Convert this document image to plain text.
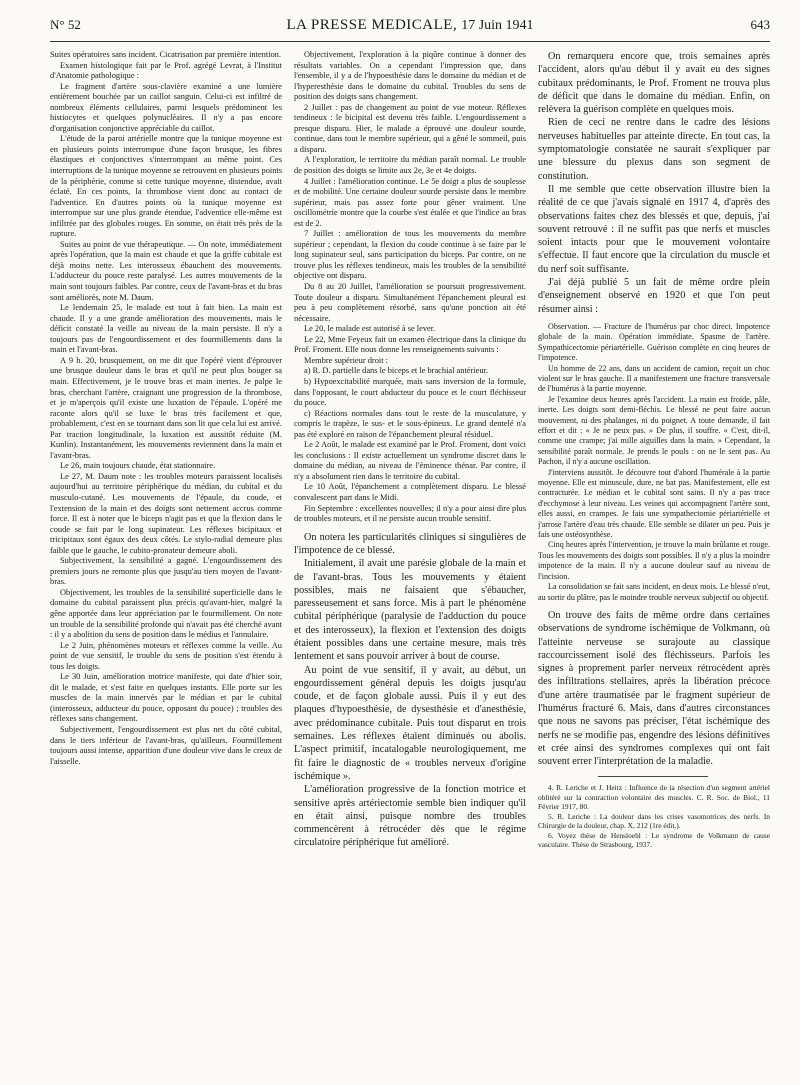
N° 52	LA PRESSE MEDICALE, 17 Juin 1941	643

Suites opératoires sans incident. Cicatrisation par première intention.

Examen histologique fait par le Prof. agrégé Levrat, à l'Institut d'Anatomie pathologique :

Le fragment d'artère sous-clavière examiné a une lumière entièrement bouchée par un caillot sanguin. Celui-ci est infiltré de nombreux éléments cellulaires, parmi lesquels prédominent les histiocytes et quelques polynucléaires. Il n'y a pas encore d'organisation conjonctive appréciable du caillot.

L'étude de la paroi artérielle montre que la tunique moyenne est en plusieurs points interrompue d'une façon brusque, les fibres élastiques et conjonctives s'interrompant au même point. Ces interruptions de la tunique moyenne se retrouvent en plusieurs points de la périphérie, comme si cette tunique moyenne, distendue, avait éclaté. En ces points, la thrombose vient donc au contact de l'adventice. En d'autres points où la tunique moyenne est interrompue sur une plus grande étendue, l'adventice elle-même est infiltrée par des globules rouges. En somme, on était très près de la rupture.

Suites au point de vue thérapeutique. — On note, immédiatement après l'opération, que la main est chaude et que la griffe cubitale est déjà moins nette. Les interosseux ébauchent des mouvements. L'adducteur du pouce reste paralysé. Les autres mouvements de la main sont toujours faibles. Par contre, ceux de l'avant-bras et du bras sont améliorés, note M. Daum.

Le lendemain 25, le malade est tout à fait bien. La main est chaude. Il y a une grande amélioration des mouvements, mais le déficit constaté la veille au niveau de la main persiste. Il n'y a toujours pas de l'engourdissement et des fourmillements dans la main et l'avant-bras.

A 9 h. 20, brusquement, on me dit que l'opéré vient d'éprouver une brusque douleur dans le bras et qu'il ne peut plus bouger sa main. Effectivement, je le trouve bras et main inertes. Je palpe le bras, cherchant l'artère, craignant une progression de la thrombose, et je m'aperçois qu'il existe une luxation de l'épaule. L'opéré me raconte alors qu'il se luxe le bras très facilement et que, probablement, c'est en se tournant dans son lit que cela lui est arrivé. Par traction longitudinale, la luxation est aussitôt réduite (M. Kunlin). Instantanément, les mouvements reviennent dans la main et l'avant-bras.

Le 26, main toujours chaude, état stationnaire.

Le 27, M. Daum note : les troubles moteurs paraissent localisés aujourd'hui au territoire périphérique du médian, du cubital et du musculo-cutané. Les mouvements de l'épaule, du coude, et l'extension de la main et des doigts sont nettement accrus comme force. Il est à noter que le biceps n'agit pas et que la flexion dans le coude se fait par le long supinateur. Les réflexes bicipitaux et tricipitaux sont égaux des deux côtés. Le stylo-radial demeure plus faible que le gauche, le cubito-pronateur demeure aboli.

Subjectivement, la sensibilité a gagné. L'engourdissement des premiers jours ne remonte plus que jusqu'au tiers moyen de l'avant-bras.

Objectivement, les troubles de la sensibilité superficielle dans le domaine du cubital paraissent plus précis qu'avant-hier, malgré la gêne apportée dans leur appréciation par le fourmillement. On note un trouble de la sensibilité profonde qui n'avait pas été cherché avant : il y a abolition du sens de position dans le médius et l'annulaire.

Le 2 Juin, phénomènes moteurs et réflexes comme la veille. Au point de vue sensitif, le trouble du sens de position s'est étendu à tous les doigts.

Le 30 Juin, amélioration motrice manifeste, qui date d'hier soir, dit le malade, et s'est faite en quelques instants. Elle porte sur les muscles de la main innervés par le médian et par le cubital (interosseux, adducteur du pouce, opposant du pouce) ; troubles des réflexes sans changement.

Subjectivement, l'engourdissement est plus net du côté cubital, dans le tiers inférieur de l'avant-bras, qu'ailleurs. Fourmillement toujours aussi intense, apparition d'une douleur vive dans le creux de l'aisselle.

Objectivement, l'exploration à la piqûre continue à donner des résultats variables. On a cependant l'impression que, dans l'ensemble, il y a de l'hypoesthésie dans le domaine du médian et de l'hyperesthésie dans le domaine du cubital. Troubles du sens de position des doigts sans changement.

2 Juillet : pas de changement au point de vue moteur. Réflexes tendineux : le bicipital est devenu très faible. L'engourdissement a presque disparu. Hier, le malade a éprouvé une douleur sourde, continue, dans tout le membre supérieur, qui a gêné le sommeil, puis a disparu.

A l'exploration, le territoire du médian paraît normal. Le trouble de position des doigts se limite aux 2e, 3e et 4e doigts.

4 Juillet : l'amélioration continue. Le 5e doigt a plus de souplesse et de mobilité. Une certaine douleur sourde persiste dans le membre supérieur, mais pas assez forte pour gêner vraiment. Une oscillométrie montre que la courbe s'est étalée et que l'indice au bras est de 2.

7 Juillet : amélioration de tous les mouvements du membre supérieur ; cependant, la flexion du coude continue à se faire par le long supinateur seul, sans participation du biceps. Par contre, on ne trouve plus les réflexes tendineux, mais les troubles de la sensibilité objective ont disparu.

Du 8 au 20 Juillet, l'amélioration se poursuit progressivement. Toute douleur a disparu. Simultanément l'épanchement pleural est peu à peu complètement résorbé, sans qu'une ponction ait été nécessaire.

Le 20, le malade est autorisé à se lever.

Le 22, Mme Feyeux fait un examen électrique dans la clinique du Prof. Froment. Elle nous donne les renseignements suivants :

Membre supérieur droit :

a) R. D. partielle dans le biceps et le brachial antérieur.

b) Hypoexcitabilité marquée, mais sans inversion de la formule, dans l'opposant, le court abducteur du pouce et le court fléchisseur du pouce.

c) Réactions normales dans tout le reste de la musculature, y compris le trapèze, le sus- et le sous-épineux. Le grand dentelé n'a pas été exploré en raison de l'épanchement pleural résiduel.

Le 2 Août, le malade est examiné par le Prof. Froment, dont voici les conclusions : Il existe actuellement un syndrome discret dans le domaine du médian, au niveau de l'éminence thénar. Par contre, il n'y a absolument rien dans le territoire du cubital.

Le 10 Août, l'épanchement a complètement disparu. Le blessé convalescent part dans le Midi.

Fin Septembre : excellentes nouvelles; il n'y a pour ainsi dire plus de troubles moteurs, et il ne persiste aucun trouble sensitif.

On notera les particularités cliniques si singulières de l'impotence de ce blessé.

Initialement, il avait une parésie globale de la main et de l'avant-bras. Tous les mouvements y étaient possibles, mais ne faisaient que s'ébaucher, paresseusement et sans force. Mis à part le phénomène cubital périphérique (paralysie de l'adduction du pouce et des interosseux), la flexion et l'extension des doigts étaient possibles dans une certaine mesure, mais très lentement et sans pouvoir arriver à bout de course.

Au point de vue sensitif, il y avait, au début, un engourdissement général depuis les doigts jusqu'au coude, et de façon globale aussi. Puis il y eut des plaques d'hypoesthésie, de dysesthésie et d'anesthésie, avec prédominance cubitale. Puis tout disparut en trois semaines. Les réflexes étaient diminués ou abolis. L'aspect primitif, incatalogable neurologiquement, me fit faire le diagnostic de « troubles nerveux d'origine ischémique ».

L'amélioration progressive de la fonction motrice et sensitive après artériectomie semble bien indiquer qu'il en était ainsi, puisque nombre des troubles commencèrent à rétrocéder dès que le régime circulatoire périphérique fut amélioré.

On remarquera encore que, trois semaines après l'accident, alors qu'au début il y avait eu des signes cubitaux prédominants, le Prof. Froment ne trouva plus de déficit que dans le domaine du médian. Enfin, on relèvera la guérison complète en quelques mois.

Rien de ceci ne rentre dans le cadre des lésions nerveuses habituelles par atteinte directe. En tout cas, la symptomatologie constatée ne saurait s'expliquer par une blessure du plexus dans son segment de constitution.

Il me semble que cette observation illustre bien la réalité de ce que j'avais signalé en 1917 4, d'après des observations faites chez des blessés et que, depuis, j'ai souvent retrouvé : il ne suffit pas que nerfs et muscles soient intacts pour que le mouvement volontaire s'effectue. Il faut encore que la circulation du muscle et du nerf soit suffisante.

J'ai déjà publié 5 un fait de même ordre plein d'enseignement observé en 1920 et que l'on peut résumer ainsi :

Observation. — Fracture de l'humérus par choc direct. Impotence globale de la main. Opération immédiate. Spasme de l'artère. Sympathicectomie périartérielle. Guérison complète en cinq heures de l'impotence.

Un homme de 22 ans, dans un accident de camion, reçoit un choc violent sur le bras gauche. Il a manifestement une fracture transversale de l'humérus à la partie moyenne.

Je l'examine deux heures après l'accident. La main est froide, pâle, inerte. Les doigts sont demi-fléchis. Le blessé ne peut faire aucun mouvement, ni des phalanges, ni du poignet. A toute demande, il fait effort et dit : « Je ne peux pas. » De plus, il souffre. « C'est, dit-il, comme une crampe; j'ai mille aiguilles dans la main. » Cependant, la sensibilité paraît normale. Je prends le pouls : on ne le sent pas. Au Pachon, il n'y a aucune oscillation.

J'interviens aussitôt. Je découvre tout d'abord l'humérale à la partie moyenne. Elle est minuscule, dure, ne bat pas. Manifestement, elle est contracturée. Le médian et le cubital sont sains. Il n'y a pas trace d'ecchymose à leur niveau. Les veines qui accompagnent l'artère sont, elles aussi, en crampes. Je fais une sympathectomie périartérielle et j'arrose l'artère d'eau très chaude. Elle semble se dilater un peu. Puis je fais une ostéosynthèse.

Cinq heures après l'intervention, je trouve la main brûlante et rouge. Tous les mouvements des doigts sont possibles. Il n'y a plus la moindre impotence de la main. Il n'y a aucune douleur sauf au niveau de l'incision.

La consolidation se fait sans incident, en deux mois. Le blessé n'eut, au sortir du plâtre, pas le moindre trouble nerveux subjectif ou objectif.

On trouve des faits de même ordre dans certaines observations de syndrome ischémique de Volkmann, où l'atteinte nerveuse se surajoute au classique raccourcissement isolé des fléchisseurs. Parfois les signes à proprement parler nerveux rétrocèdent après des infiltrations stellaires, après la libération précoce d'une artère traumatisée par le fragment supérieur de l'humérus fracturé 6. Mais, dans d'autres circonstances que nous ne savons pas préciser, l'état ischémique des nerfs ne se modifie pas, engendre des lésions définitives et crée ainsi des syndromes complexes qui ont fait souvent errer l'interprétation de la maladie.

4. R. Leriche et J. Heitz : Influence de la résection d'un segment artériel oblitéré sur la contraction volontaire des muscles. C. R. Soc. de Biol., 11 Février 1917, 80.

5. R. Leriche : La douleur dans les crises vasomotrices des nerfs. In Chirurgie de la douleur, chap. X, 212 (1re édit.).

6. Voyez thèse de Hensloehl : Le syndrome de Volkmann de cause vasculaire. Thèse de Strasbourg, 1937.
